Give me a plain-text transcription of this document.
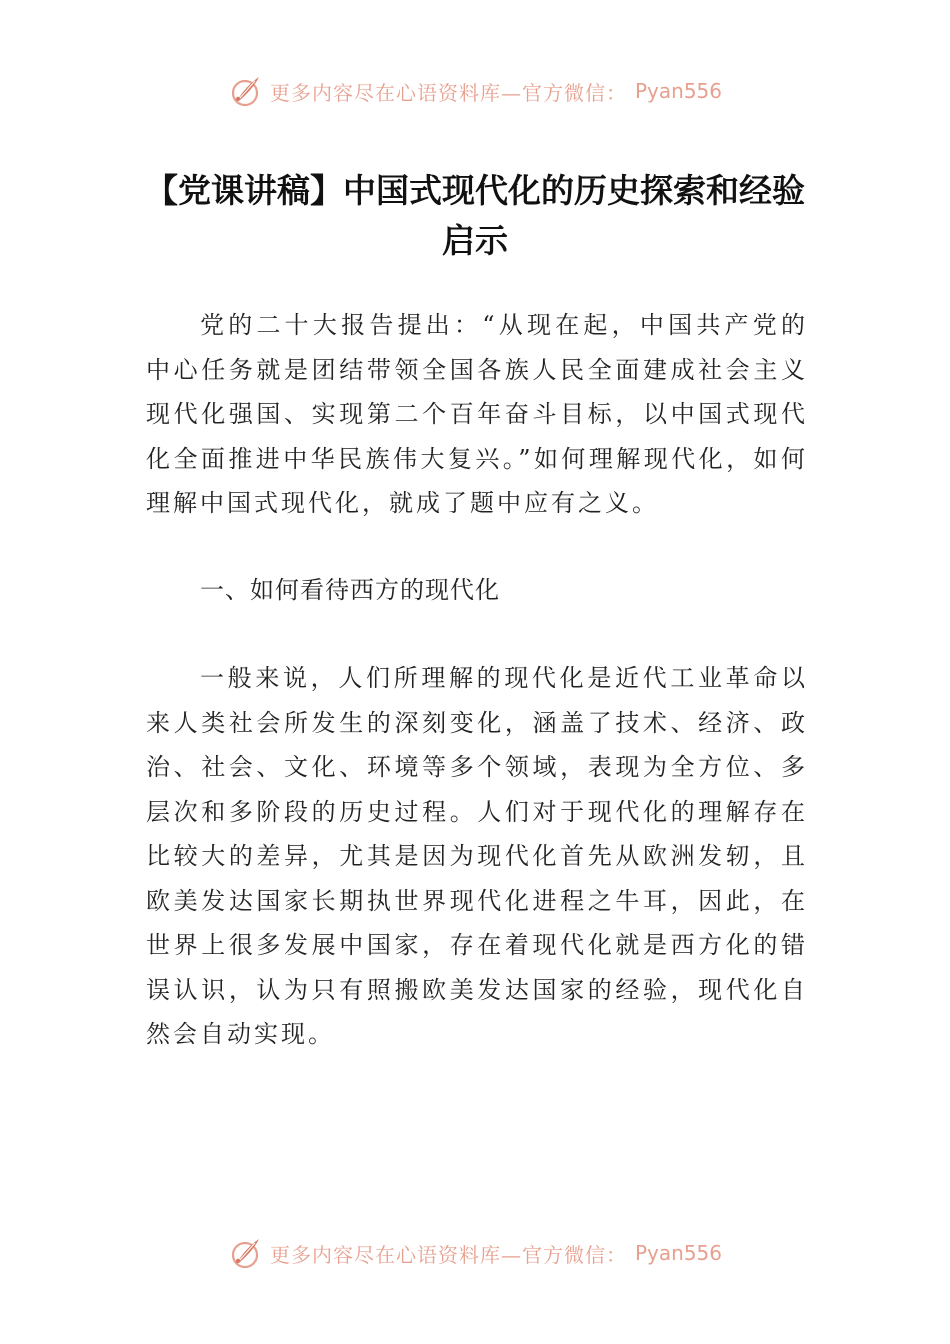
更多内容尽在心语资料库—官方微信： Pyan556
【党课讲稿】中国式现代化的历史探索和经验启示

党的二十大报告提出：“从现在起，中国共产党的中心任务就是团结带领全国各族人民全面建成社会主义现代化强国、实现第二个百年奋斗目标，以中国式现代化全面推进中华民族伟大复兴。”如何理解现代化，如何理解中国式现代化，就成了题中应有之义。

一、如何看待西方的现代化

一般来说，人们所理解的现代化是近代工业革命以来人类社会所发生的深刻变化，涵盖了技术、经济、政治、社会、文化、环境等多个领域，表现为全方位、多层次和多阶段的历史过程。人们对于现代化的理解存在比较大的差异，尤其是因为现代化首先从欧洲发轫，且欧美发达国家长期执世界现代化进程之牛耳，因此，在世界上很多发展中国家，存在着现代化就是西方化的错误认识，认为只有照搬欧美发达国家的经验，现代化自然会自动实现。

更多内容尽在心语资料库—官方微信： Pyan556
